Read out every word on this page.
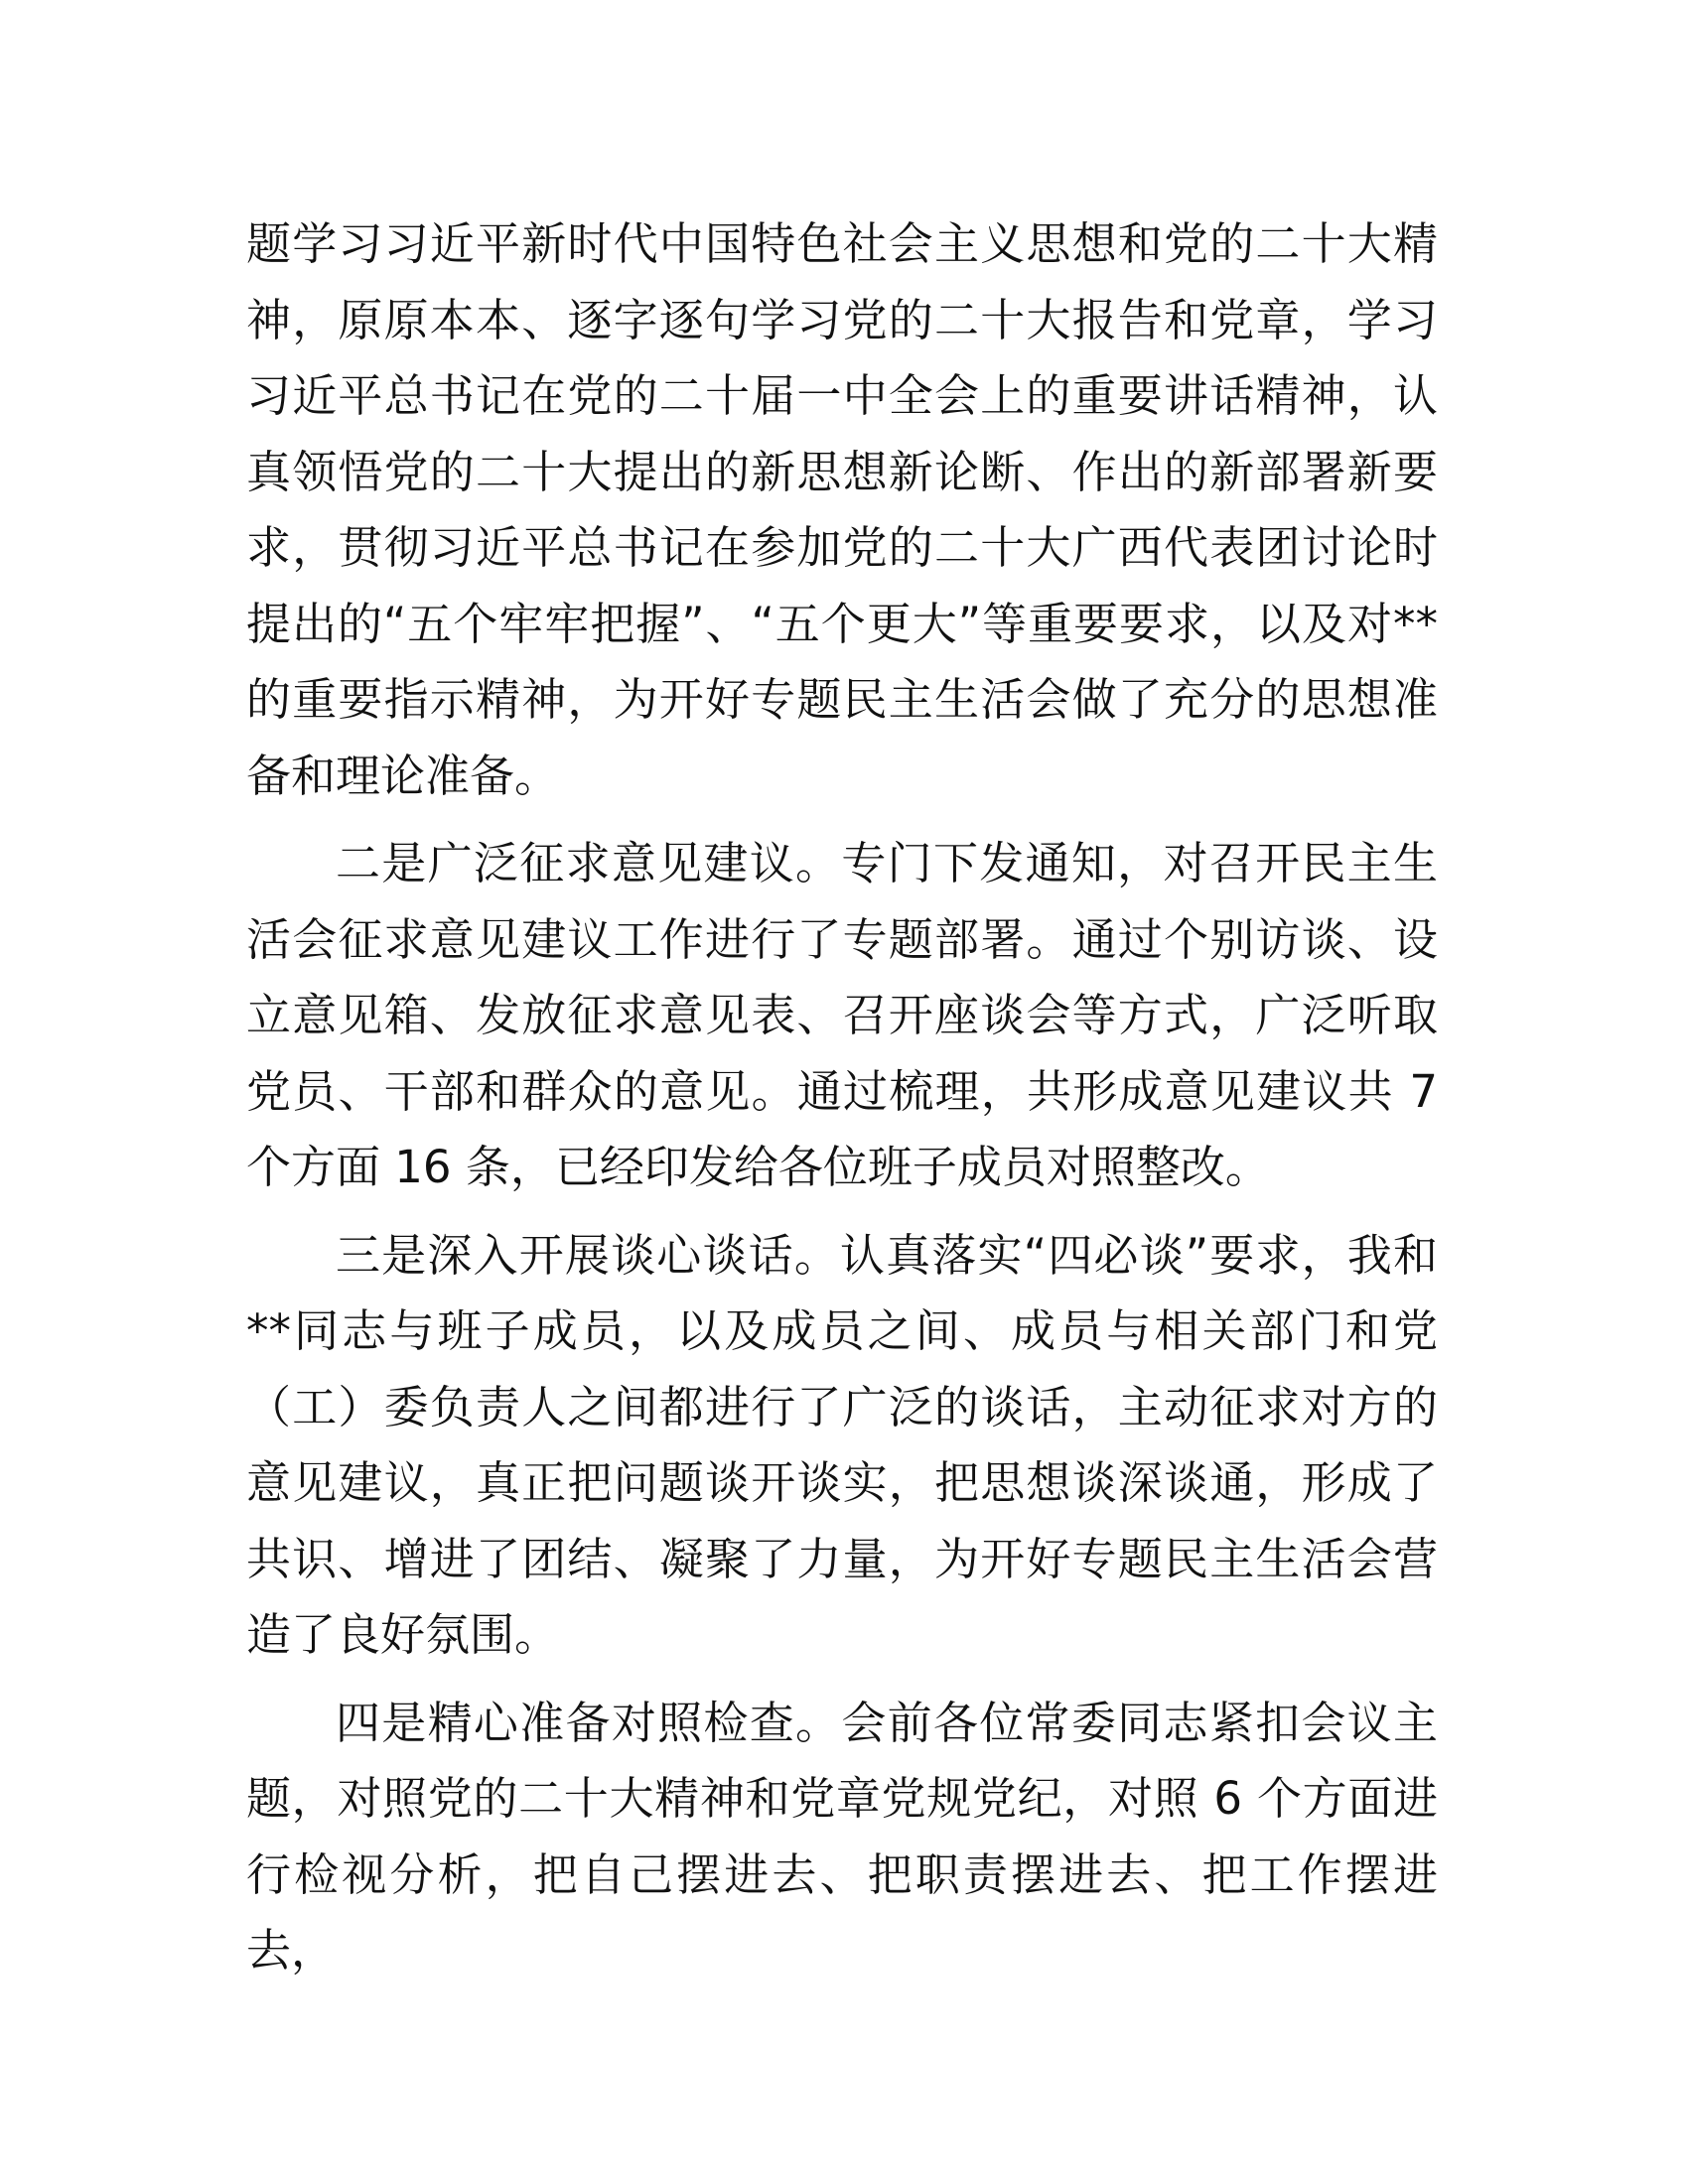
题学习习近平新时代中国特色社会主义思想和党的二十大精神，原原本本、逐字逐句学习党的二十大报告和党章，学习习近平总书记在党的二十届一中全会上的重要讲话精神，认真领悟党的二十大提出的新思想新论断、作出的新部署新要求，贯彻习近平总书记在参加党的二十大广西代表团讨论时提出的“五个牢牢把握”、“五个更大”等重要要求，以及对**的重要指示精神，为开好专题民主生活会做了充分的思想准备和理论准备。

二是广泛征求意见建议。专门下发通知，对召开民主生活会征求意见建议工作进行了专题部署。通过个别访谈、设立意见箱、发放征求意见表、召开座谈会等方式，广泛听取党员、干部和群众的意见。通过梳理，共形成意见建议共 7 个方面 16 条，已经印发给各位班子成员对照整改。

三是深入开展谈心谈话。认真落实“四必谈”要求，我和**同志与班子成员，以及成员之间、成员与相关部门和党（工）委负责人之间都进行了广泛的谈话，主动征求对方的意见建议，真正把问题谈开谈实，把思想谈深谈通，形成了共识、增进了团结、凝聚了力量，为开好专题民主生活会营造了良好氛围。

四是精心准备对照检查。会前各位常委同志紧扣会议主题，对照党的二十大精神和党章党规党纪，对照 6 个方面进行检视分析，把自己摆进去、把职责摆进去、把工作摆进去，
